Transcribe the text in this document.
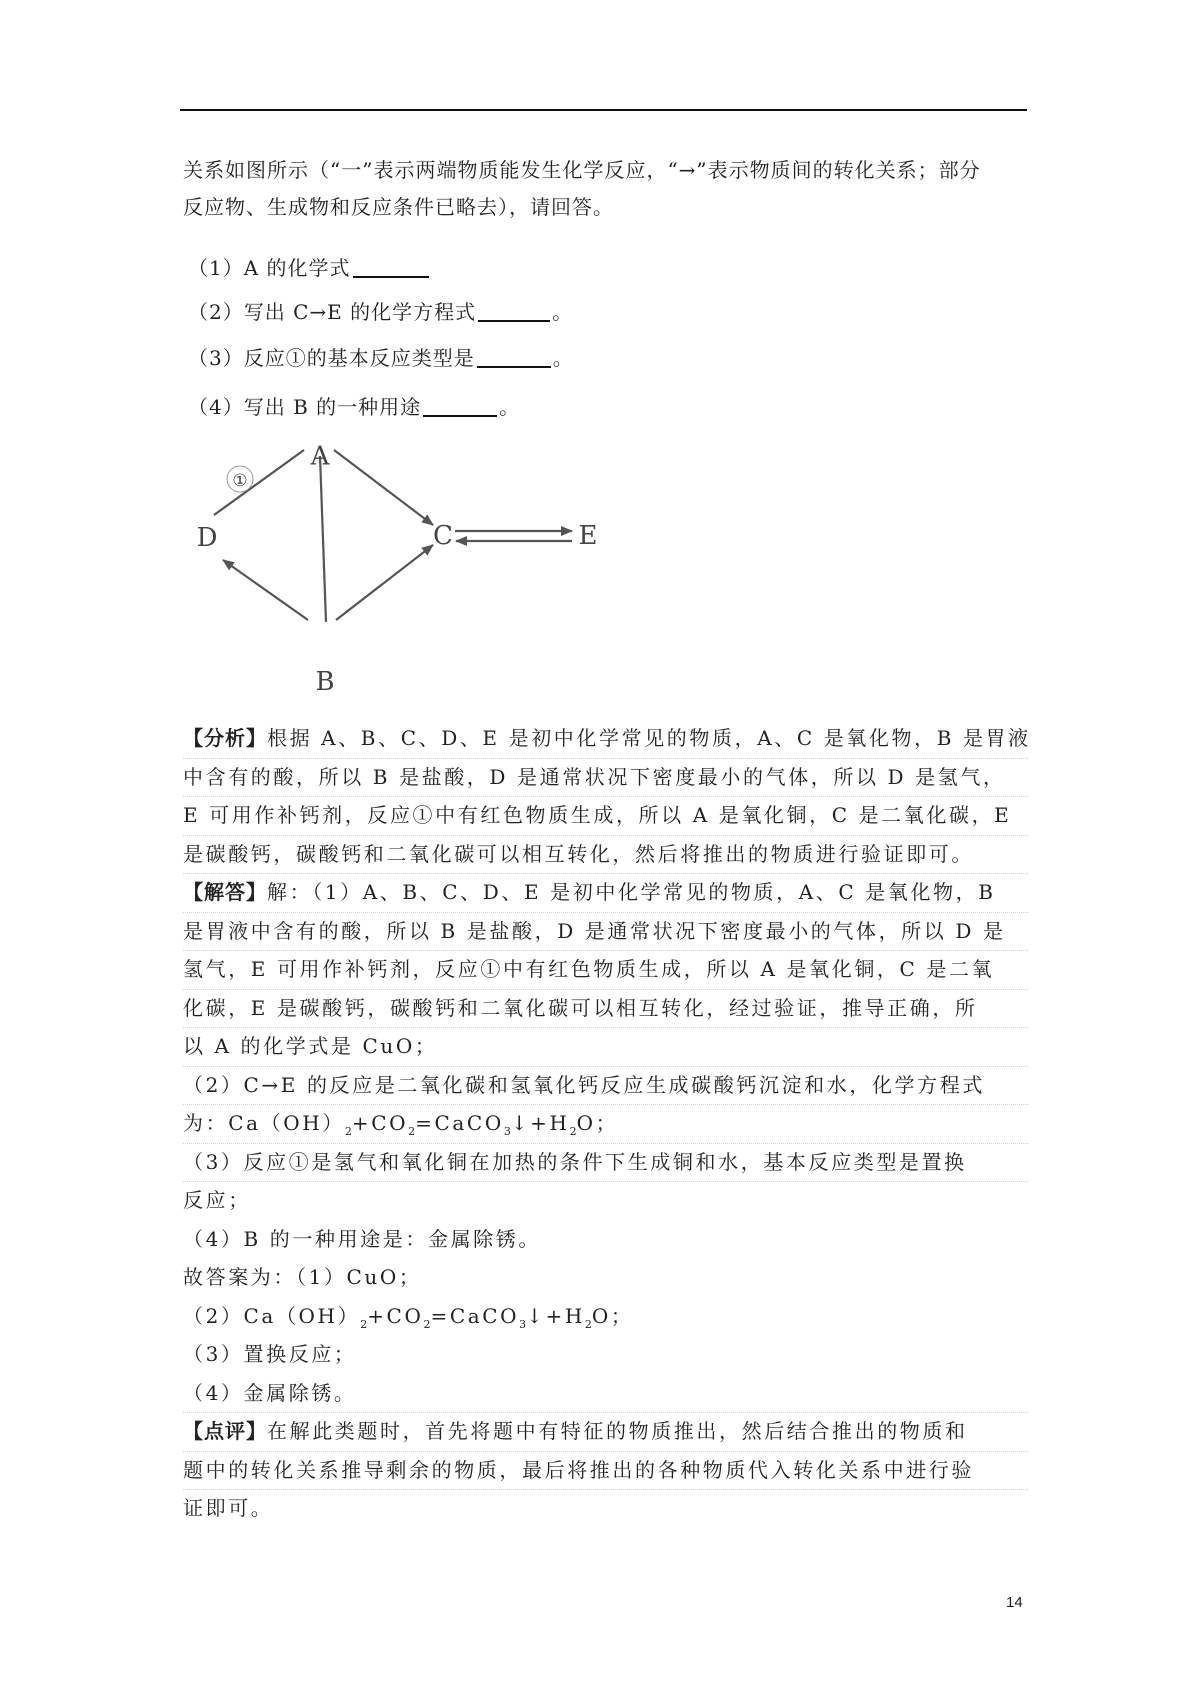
关系如图所示（“一”表示两端物质能发生化学反应，“→”表示物质间的转化关系；部分
反应物、生成物和反应条件已略去），请回答。
（1）A 的化学式
（2）写出 C→E 的化学方程式	。
（3）反应①的基本反应类型是	。
（4）写出 B 的一种用途	。
①
A
D	C	E
B
【分析】根据 A、B、C、D、E 是初中化学常见的物质，A、C 是氧化物，B 是胃液
中含有的酸，所以 B 是盐酸，D 是通常状况下密度最小的气体，所以 D 是氢气，
E 可用作补钙剂，反应①中有红色物质生成，所以 A 是氧化铜，C 是二氧化碳，E
是碳酸钙，碳酸钙和二氧化碳可以相互转化，然后将推出的物质进行验证即可。
【解答】解：（1）A、B、C、D、E 是初中化学常见的物质，A、C 是氧化物，B
是胃液中含有的酸，所以 B 是盐酸，D 是通常状况下密度最小的气体，所以 D 是
氢气，E 可用作补钙剂，反应①中有红色物质生成，所以 A 是氧化铜，C 是二氧
化碳，E 是碳酸钙，碳酸钙和二氧化碳可以相互转化，经过验证，推导正确，所
以 A 的化学式是 CuO；
（2）C→E 的反应是二氧化碳和氢氧化钙反应生成碳酸钙沉淀和水，化学方程式
为：$Ca(OH)_2+CO_2=CaCO_3↓+H_2O$；
（3）反应①是氢气和氧化铜在加热的条件下生成铜和水，基本反应类型是置换
反应；
（4）B 的一种用途是：金属除锈。
故答案为：（1）CuO；
$(2)Ca(OH)_2+CO_2=CaCO_3↓+H_2O$；
（3）置换反应；
（4）金属除锈。
【点评】在解此类题时，首先将题中有特征的物质推出，然后结合推出的物质和
题中的转化关系推导剩余的物质，最后将推出的各种物质代入转化关系中进行验
证即可。
14
